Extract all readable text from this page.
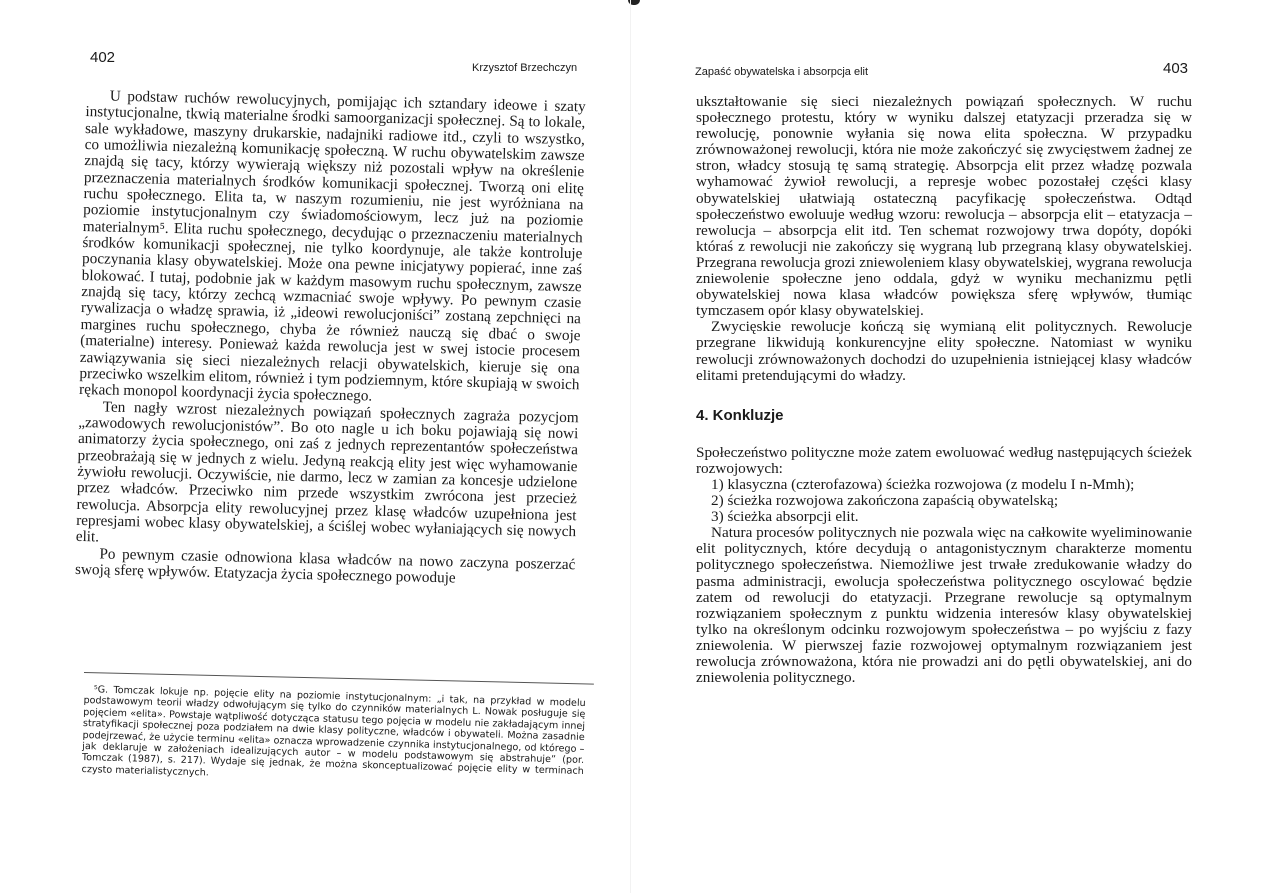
402
Krzysztof Brzechczyn

U podstaw ruchów rewolucyjnych, pomijając ich sztandary ideowe i szaty instytucjonalne, tkwią materialne środki samoorganizacji społecznej. Są to lokale, sale wykładowe, maszyny drukarskie, nadajniki radiowe itd., czyli to wszystko, co umożliwia niezależną komunikację społeczną. W ruchu obywatelskim zawsze znajdą się tacy, którzy wywierają większy niż pozostali wpływ na określenie przeznaczenia materialnych środków komunikacji społecznej. Tworzą oni elitę ruchu społecznego. Elita ta, w naszym rozumieniu, nie jest wyróżniana na poziomie instytucjonalnym czy świadomościowym, lecz już na poziomie materialnym⁵. Elita ruchu społecznego, decydując o przeznaczeniu materialnych środków komunikacji społecznej, nie tylko koordynuje, ale także kontroluje poczynania klasy obywatelskiej. Może ona pewne inicjatywy popierać, inne zaś blokować. I tutaj, podobnie jak w każdym masowym ruchu społecznym, zawsze znajdą się tacy, którzy zechcą wzmacniać swoje wpływy. Po pewnym czasie rywalizacja o władzę sprawia, iż „ideowi rewolucjoniści” zostaną zepchnięci na margines ruchu społecznego, chyba że również nauczą się dbać o swoje (materialne) interesy. Ponieważ każda rewolucja jest w swej istocie procesem zawiązywania się sieci niezależnych relacji obywatelskich, kieruje się ona przeciwko wszelkim elitom, również i tym podziemnym, które skupiają w swoich rękach monopol koordynacji życia społecznego.

Ten nagły wzrost niezależnych powiązań społecznych zagraża pozycjom „zawodowych rewolucjonistów”. Bo oto nagle u ich boku pojawiają się nowi animatorzy życia społecznego, oni zaś z jednych reprezentantów społeczeństwa przeobrażają się w jednych z wielu. Jedyną reakcją elity jest więc wyhamowanie żywiołu rewolucji. Oczywiście, nie darmo, lecz w zamian za koncesje udzielone przez władców. Przeciwko nim przede wszystkim zwrócona jest przecież rewolucja. Absorpcja elity rewolucyjnej przez klasę władców uzupełniona jest represjami wobec klasy obywatelskiej, a ściślej wobec wyłaniających się nowych elit.

Po pewnym czasie odnowiona klasa władców na nowo zaczyna poszerzać swoją sferę wpływów. Etatyzacja życia społecznego powoduje

⁵G. Tomczak lokuje np. pojęcie elity na poziomie instytucjonalnym: „i tak, na przykład w modelu podstawowym teorii władzy odwołującym się tylko do czynników materialnych L. Nowak posługuje się pojęciem «elita». Powstaje wątpliwość dotycząca statusu tego pojęcia w modelu nie zakładającym innej stratyfikacji społecznej poza podziałem na dwie klasy polityczne, władców i obywateli. Można zasadnie podejrzewać, że użycie terminu «elita» oznacza wprowadzenie czynnika instytucjonalnego, od którego – jak deklaruje w założeniach idealizujących autor – w modelu podstawowym się abstrahuje” (por. Tomczak (1987), s. 217). Wydaje się jednak, że można skonceptualizować pojęcie elity w terminach czysto materialistycznych.

Zapaść obywatelska i absorpcja elit	403

ukształtowanie się sieci niezależnych powiązań społecznych. W ruchu społecznego protestu, który w wyniku dalszej etatyzacji przeradza się w rewolucję, ponownie wyłania się nowa elita społeczna. W przypadku zrównoważonej rewolucji, która nie może zakończyć się zwycięstwem żadnej ze stron, władcy stosują tę samą strategię. Absorpcja elit przez władzę pozwala wyhamować żywioł rewolucji, a represje wobec pozostałej części klasy obywatelskiej ułatwiają ostateczną pacyfikację społeczeństwa. Odtąd społeczeństwo ewoluuje według wzoru: rewolucja – absorpcja elit – etatyzacja – rewolucja – absorpcja elit itd. Ten schemat rozwojowy trwa dopóty, dopóki któraś z rewolucji nie zakończy się wygraną lub przegraną klasy obywatelskiej. Przegrana rewolucja grozi zniewoleniem klasy obywatelskiej, wygrana rewolucja zniewolenie społeczne jeno oddala, gdyż w wyniku mechanizmu pętli obywatelskiej nowa klasa władców powiększa sferę wpływów, tłumiąc tymczasem opór klasy obywatelskiej.

Zwycięskie rewolucje kończą się wymianą elit politycznych. Rewolucje przegrane likwidują konkurencyjne elity społeczne. Natomiast w wyniku rewolucji zrównoważonych dochodzi do uzupełnienia istniejącej klasy władców elitami pretendującymi do władzy.

4. Konkluzje

Społeczeństwo polityczne może zatem ewoluować według następujących ścieżek rozwojowych:

1) klasyczna (czterofazowa) ścieżka rozwojowa (z modelu I n-Mmh);

2) ścieżka rozwojowa zakończona zapaścią obywatelską;

3) ścieżka absorpcji elit.

Natura procesów politycznych nie pozwala więc na całkowite wyeliminowanie elit politycznych, które decydują o antagonistycznym charakterze momentu politycznego społeczeństwa. Niemożliwe jest trwałe zredukowanie władzy do pasma administracji, ewolucja społeczeństwa politycznego oscylować będzie zatem od rewolucji do etatyzacji. Przegrane rewolucje są optymalnym rozwiązaniem społecznym z punktu widzenia interesów klasy obywatelskiej tylko na określonym odcinku rozwojowym społeczeństwa – po wyjściu z fazy zniewolenia. W pierwszej fazie rozwojowej optymalnym rozwiązaniem jest rewolucja zrównoważona, która nie prowadzi ani do pętli obywatelskiej, ani do zniewolenia politycznego.
